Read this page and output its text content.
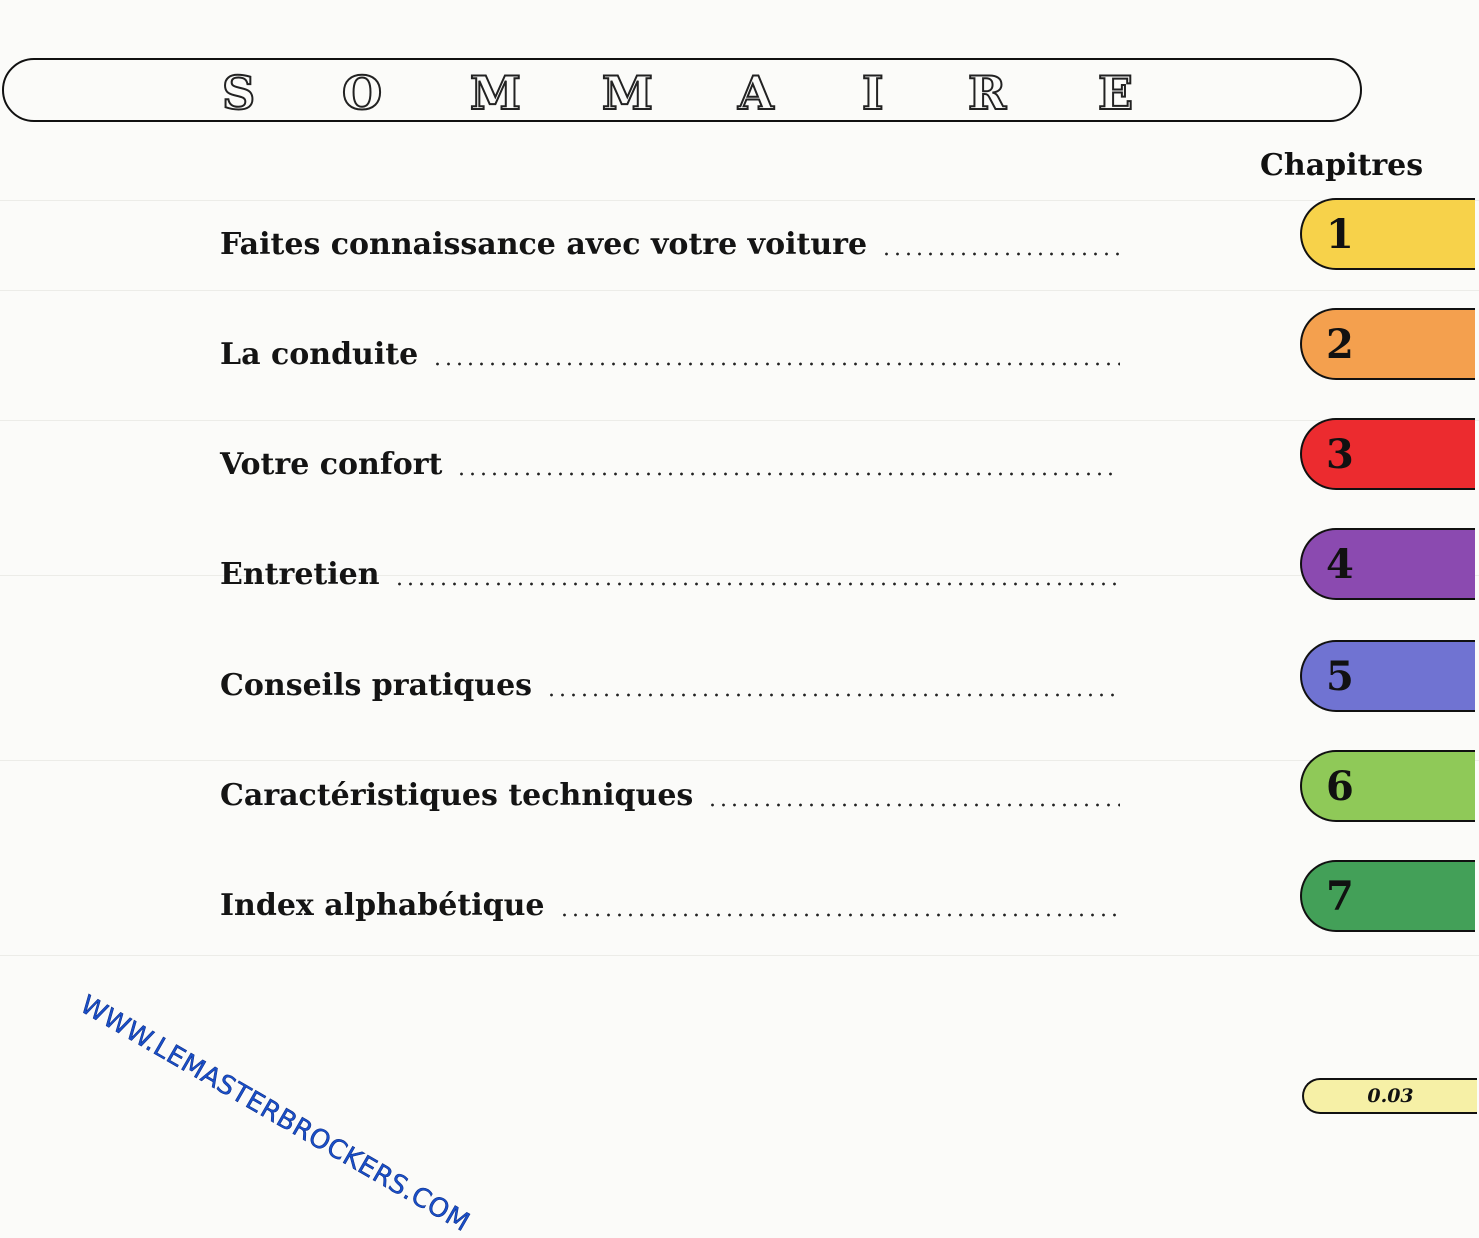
S O M M A I R E
Chapitres
Faites connaissance avec votre voiture
La conduite
Votre confort
Entretien
Conseils pratiques
Caractéristiques techniques
Index alphabétique
1
2
3
4
5
6
7
0.03
WWW.LEMASTERBROCKERS.COM
